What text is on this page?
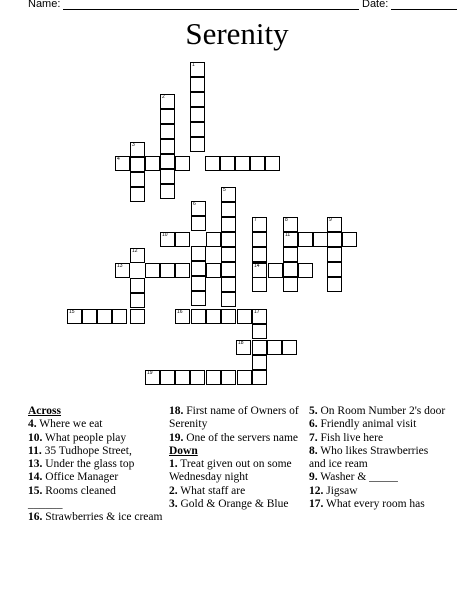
Name:	Date:
Serenity
1
2
3
4
5
6
7	8	9
10	11
12
13	14
15	16	17
18
19
Across
4. Where we eat
10. What people play
11. 35 Tudhope Street,
13. Under the glass top
14. Office Manager
15. Rooms cleaned
______
16. Strawberries & ice cream
18. First name of Owners of Serenity
19. One of the servers name
Down
1. Treat given out on some Wednesday night
2. What staff are
3. Gold & Orange & Blue
5. On Room Number 2's door
6. Friendly animal visit
7. Fish live here
8. Who likes Strawberries and ice ream
9. Washer & _____
12. Jigsaw
17. What every room has
